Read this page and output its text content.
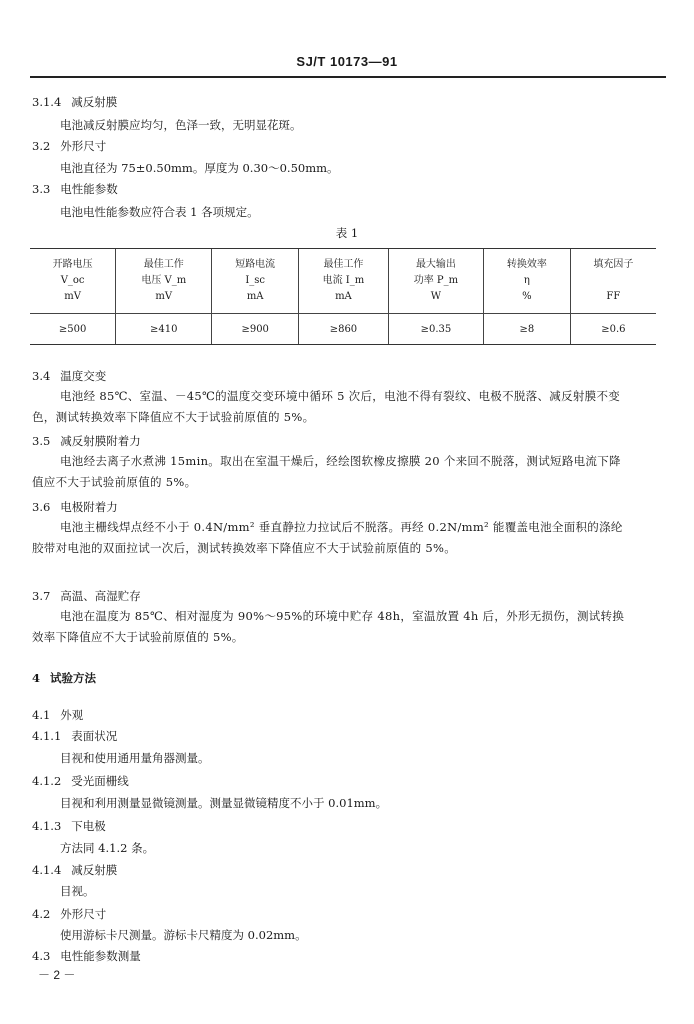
SJ/T 10173—91
3.1.4 减反射膜
电池减反射膜应均匀，色泽一致，无明显花斑。
3.2 外形尺寸
电池直径为 75±0.50mm。厚度为 0.30～0.50mm。
3.3 电性能参数
电池电性能参数应符合表 1 各项规定。
表 1
开路电压	最佳工作	短路电流	最佳工作	最大输出	转换效率	填充因子
V_oc	电压 V_m	I_sc	电流 I_m	功率 P_m	η	
mV	mV	mA	mA	W	%	FF
≥500	≥410	≥900	≥860	≥0.35	≥8	≥0.6
3.4 温度交变
电池经 85℃、室温、－45℃的温度交变环境中循环 5 次后，电池不得有裂纹、电极不脱落、减反射膜不变色，测试转换效率下降值应不大于试验前原值的 5%。
3.5 减反射膜附着力
电池经去离子水煮沸 15min。取出在室温干燥后，经绘图软橡皮擦膜 20 个来回不脱落，测试短路电流下降值应不大于试验前原值的 5%。
3.6 电极附着力
电池主栅线焊点经不小于 0.4N/mm² 垂直静拉力拉试后不脱落。再经 0.2N/mm² 能覆盖电池全面积的涤纶胶带对电池的双面拉试一次后，测试转换效率下降值应不大于试验前原值的 5%。
3.7 高温、高湿贮存
电池在温度为 85℃、相对湿度为 90%～95%的环境中贮存 48h，室温放置 4h 后，外形无损伤，测试转换效率下降值应不大于试验前原值的 5%。
4 试验方法
4.1 外观
4.1.1 表面状况
目视和使用通用量角器测量。
4.1.2 受光面栅线
目视和利用测量显微镜测量。测量显微镜精度不小于 0.01mm。
4.1.3 下电极
方法同 4.1.2 条。
4.1.4 减反射膜
目视。
4.2 外形尺寸
使用游标卡尺测量。游标卡尺精度为 0.02mm。
4.3 电性能参数测量
－ 2 －
